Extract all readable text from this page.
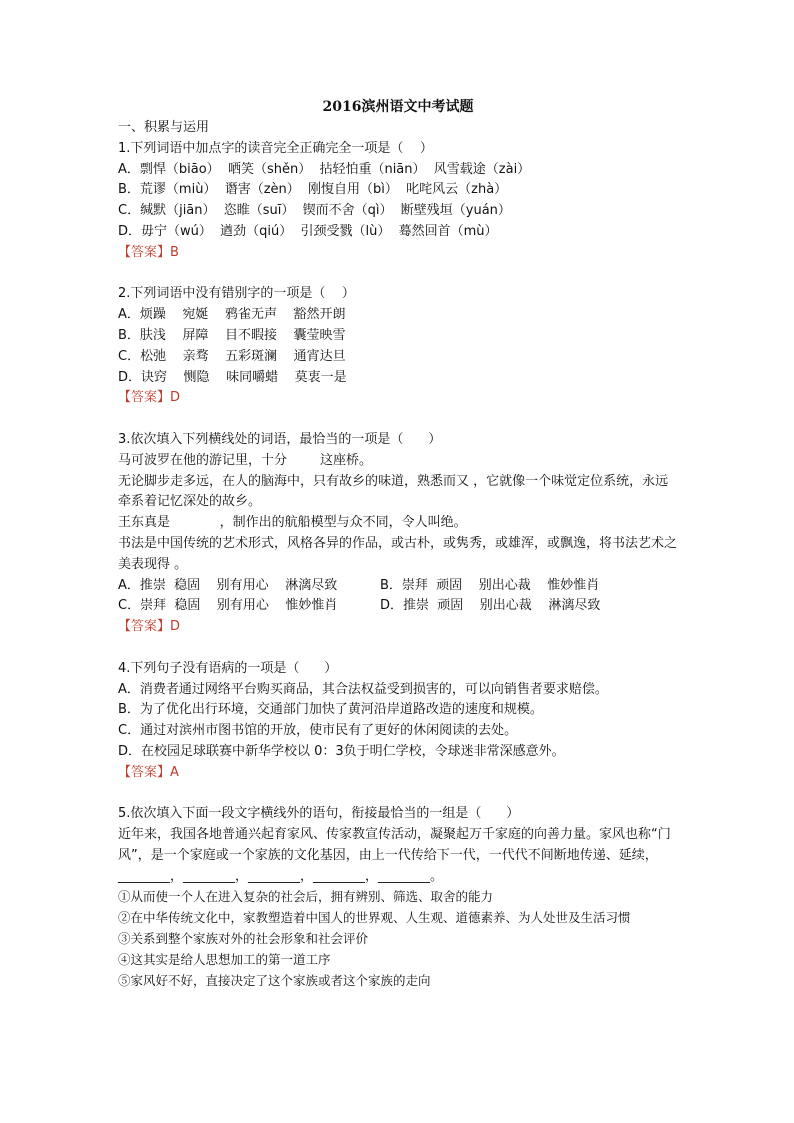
2016滨州语文中考试题
一、积累与运用
1.下列词语中加点字的读音完全正确完全一项是（    ）
A．剽悍（biāo）  哂笑（shěn）  拈轻怕重（niān）  风雪载途（zài）
B．荒谬（miù）  谮害（zèn）  刚愎自用（bì）  叱咤风云（zhà）
C．缄默（jiān）  恣睢（suī）  锲而不舍（qì）  断壁残垣（yuán）
D．毋宁（wú）  遒劲（qiú）  引颈受戮（lù）  蓦然回首（mù）
【答案】B
2.下列词语中没有错别字的一项是（    ）
A．烦躁    宛娫    鸦雀无声    豁然开朗
B．肤浅    屏障    目不暇接    囊莹映雪
C．松弛    亲骛    五彩斑澜    通宵达旦
D．诀窍    恻隐    味同嚼蜡    莫衷一是
【答案】D
3.依次填入下列横线处的词语，最恰当的一项是（      ）
马可波罗在他的游记里，十分        这座桥。
无论脚步走多远，在人的脑海中，只有故乡的味道，熟悉而又 ，它就像一个味觉定位系统，永远牵系着记忆深处的故乡。
王东真是            ，制作出的航船模型与众不同，令人叫绝。
书法是中国传统的艺术形式，风格各异的作品，或古朴，或隽秀，或雄浑，或飘逸，将书法艺术之美表现得 。
A．推崇  稳固    别有用心    淋漓尽致	B．崇拜  顽固    别出心裁    惟妙惟肖
C．崇拜  稳固    别有用心    惟妙惟肖	D．推崇  顽固    别出心裁    淋漓尽致
【答案】D
4.下列句子没有语病的一项是（      ）
A．消费者通过网络平台购买商品，其合法权益受到损害的，可以向销售者要求赔偿。
B．为了优化出行环境，交通部门加快了黄河沿岸道路改造的速度和规模。
C．通过对滨州市图书馆的开放，使市民有了更好的休闲阅读的去处。
D．在校园足球联赛中新华学校以 0：3负于明仁学校，令球迷非常深感意外。
【答案】A
5.依次填入下面一段文字横线外的语句，衔接最恰当的一组是（      ）
近年来，我国各地普通兴起育家风、传家教宣传活动，凝聚起万千家庭的向善力量。家风也称“门风”，是一个家庭或一个家族的文化基因，由上一代传给下一代，一代代不间断地传递、延续，________，________，________，________，________。
①从而使一个人在进入复杂的社会后，拥有辨别、筛选、取舍的能力
②在中华传统文化中，家教塑造着中国人的世界观、人生观、道德素养、为人处世及生活习惯
③关系到整个家族对外的社会形象和社会评价
④这其实是给人思想加工的第一道工序
⑤家风好不好，直接决定了这个家族或者这个家族的走向
